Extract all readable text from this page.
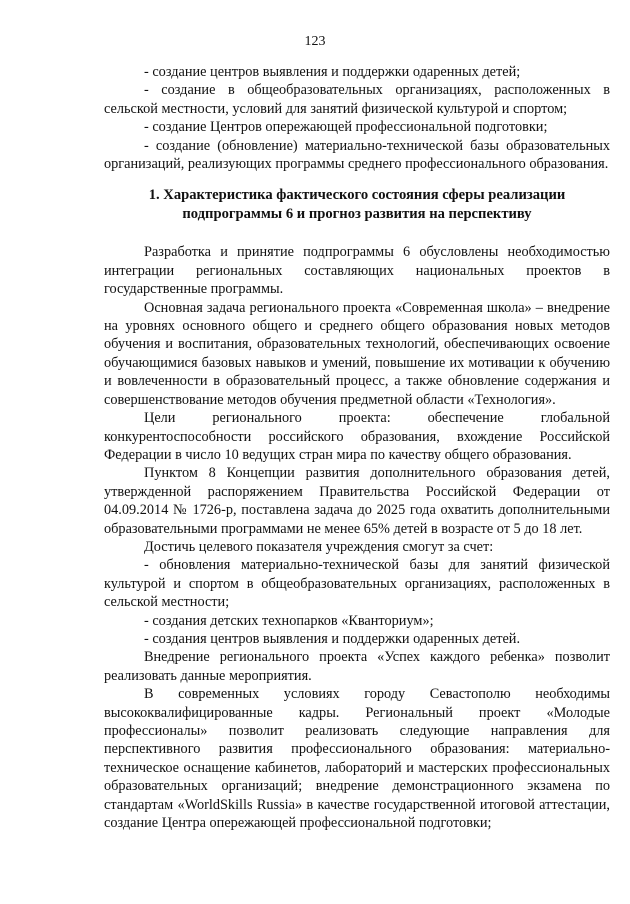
123

- создание центров выявления и поддержки одаренных детей;

- создание в общеобразовательных организациях, расположенных в сельской местности, условий для занятий физической культурой и спортом;

- создание Центров опережающей профессиональной подготовки;

- создание (обновление) материально-технической базы образовательных организаций, реализующих программы среднего профессионального образования.

1. Характеристика фактического состояния сферы реализации
подпрограммы 6 и прогноз развития на перспективу

Разработка и принятие подпрограммы 6 обусловлены необходимостью интеграции региональных составляющих национальных проектов в государственные программы.

Основная задача регионального проекта «Современная школа» – внедрение на уровнях основного общего и среднего общего образования новых методов обучения и воспитания, образовательных технологий, обеспечивающих освоение обучающимися базовых навыков и умений, повышение их мотивации к обучению и вовлеченности в образовательный процесс, а также обновление содержания и совершенствование методов обучения предметной области «Технология».

Цели регионального проекта: обеспечение глобальной конкурентоспособности российского образования, вхождение Российской Федерации в число 10 ведущих стран мира по качеству общего образования.

Пунктом 8 Концепции развития дополнительного образования детей, утвержденной распоряжением Правительства Российской Федерации от 04.09.2014 № 1726-р, поставлена задача до 2025 года охватить дополнительными образовательными программами не менее 65% детей в возрасте от 5 до 18 лет.

Достичь целевого показателя учреждения смогут за счет:

- обновления материально-технической базы для занятий физической культурой и спортом в общеобразовательных организациях, расположенных в сельской местности;

- создания детских технопарков «Кванториум»;

- создания центров выявления и поддержки одаренных детей.

Внедрение регионального проекта «Успех каждого ребенка» позволит реализовать данные мероприятия.

В современных условиях городу Севастополю необходимы высококвалифицированные кадры. Региональный проект «Молодые профессионалы» позволит реализовать следующие направления для перспективного развития профессионального образования: материально-техническое оснащение кабинетов, лабораторий и мастерских профессиональных образовательных организаций; внедрение демонстрационного экзамена по стандартам «WorldSkills Russia» в качестве государственной итоговой аттестации, создание Центра опережающей профессиональной подготовки;
